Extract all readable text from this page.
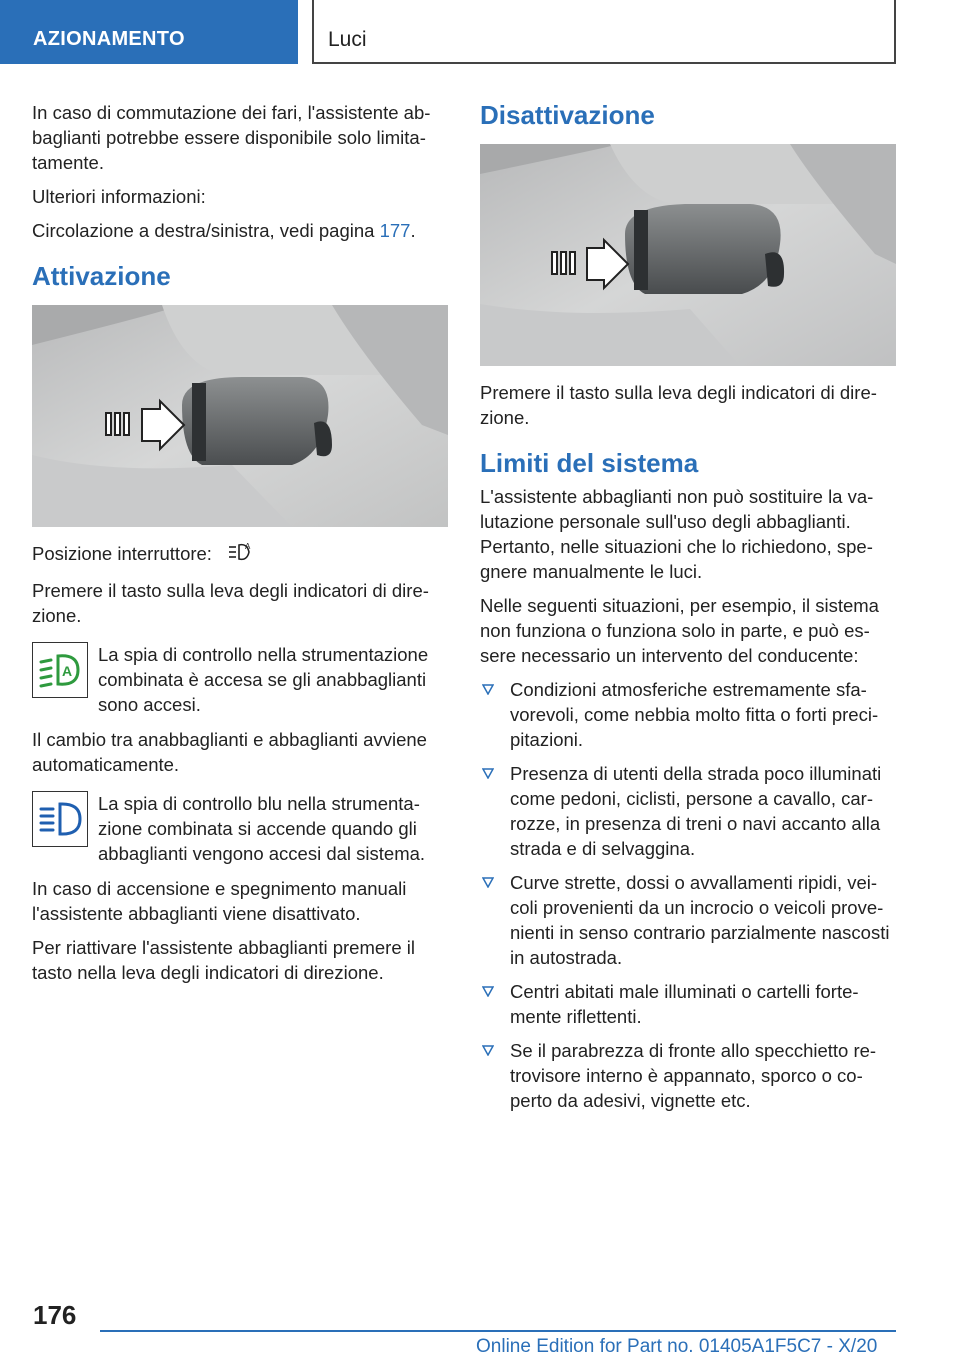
AZIONAMENTO	Luci

In caso di commutazione dei fari, l'assistente abbaglianti potrebbe essere disponibile solo limitatamente.

Ulteriori informazioni:

Circolazione a destra/sinistra, vedi pagina 177.

Attivazione

Posizione interruttore:	A

Premere il tasto sulla leva degli indicatori di direzione.

A
La spia di controllo nella strumentazione combinata è accesa se gli anabbaglianti sono accesi.

Il cambio tra anabbaglianti e abbaglianti avviene automaticamente.

La spia di controllo blu nella strumentazione combinata si accende quando gli abbaglianti vengono accesi dal sistema.

In caso di accensione e spegnimento manuali l'assistente abbaglianti viene disattivato.

Per riattivare l'assistente abbaglianti premere il tasto nella leva degli indicatori di direzione.

Disattivazione

Premere il tasto sulla leva degli indicatori di direzione.

Limiti del sistema

L'assistente abbaglianti non può sostituire la valutazione personale sull'uso degli abbaglianti. Pertanto, nelle situazioni che lo richiedono, spegnere manualmente le luci.

Nelle seguenti situazioni, per esempio, il sistema non funziona o funziona solo in parte, e può essere necessario un intervento del conducente:

Condizioni atmosferiche estremamente sfavorevoli, come nebbia molto fitta o forti precipitazioni.
Presenza di utenti della strada poco illuminati come pedoni, ciclisti, persone a cavallo, carrozze, in presenza di treni o navi accanto alla strada e di selvaggina.
Curve strette, dossi o avvallamenti ripidi, veicoli provenienti da un incrocio o veicoli provenienti in senso contrario parzialmente nascosti in autostrada.
Centri abitati male illuminati o cartelli fortemente riflettenti.
Se il parabrezza di fronte allo specchietto retrovisore interno è appannato, sporco o coperto da adesivi, vignette etc.
176
Online Edition for Part no. 01405A1F5C7 - X/20
